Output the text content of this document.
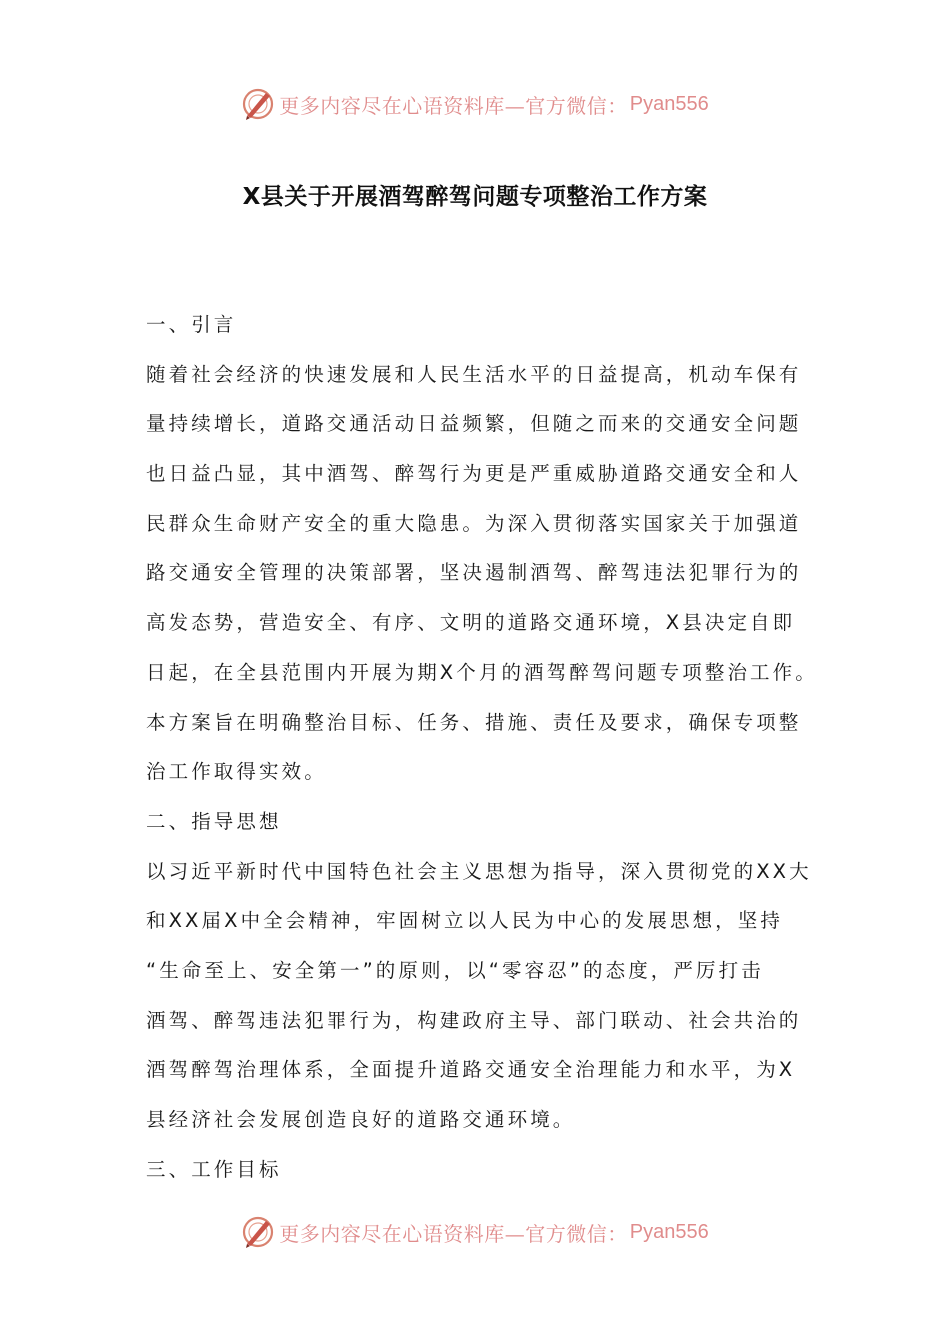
更多内容尽在心语资料库—官方微信： Pyan556
X县关于开展酒驾醉驾问题专项整治工作方案
一、引言
随着社会经济的快速发展和人民生活水平的日益提高，机动车保有
量持续增长，道路交通活动日益频繁，但随之而来的交通安全问题
也日益凸显，其中酒驾、醉驾行为更是严重威胁道路交通安全和人
民群众生命财产安全的重大隐患。为深入贯彻落实国家关于加强道
路交通安全管理的决策部署，坚决遏制酒驾、醉驾违法犯罪行为的
高发态势，营造安全、有序、文明的道路交通环境，X县决定自即
日起，在全县范围内开展为期X个月的酒驾醉驾问题专项整治工作。
本方案旨在明确整治目标、任务、措施、责任及要求，确保专项整
治工作取得实效。
二、指导思想
以习近平新时代中国特色社会主义思想为指导，深入贯彻党的XX大
和XX届X中全会精神，牢固树立以人民为中心的发展思想，坚持
“生命至上、安全第一”的原则，以“零容忍”的态度，严厉打击
酒驾、醉驾违法犯罪行为，构建政府主导、部门联动、社会共治的
酒驾醉驾治理体系，全面提升道路交通安全治理能力和水平，为X
县经济社会发展创造良好的道路交通环境。
三、工作目标
更多内容尽在心语资料库—官方微信： Pyan556
